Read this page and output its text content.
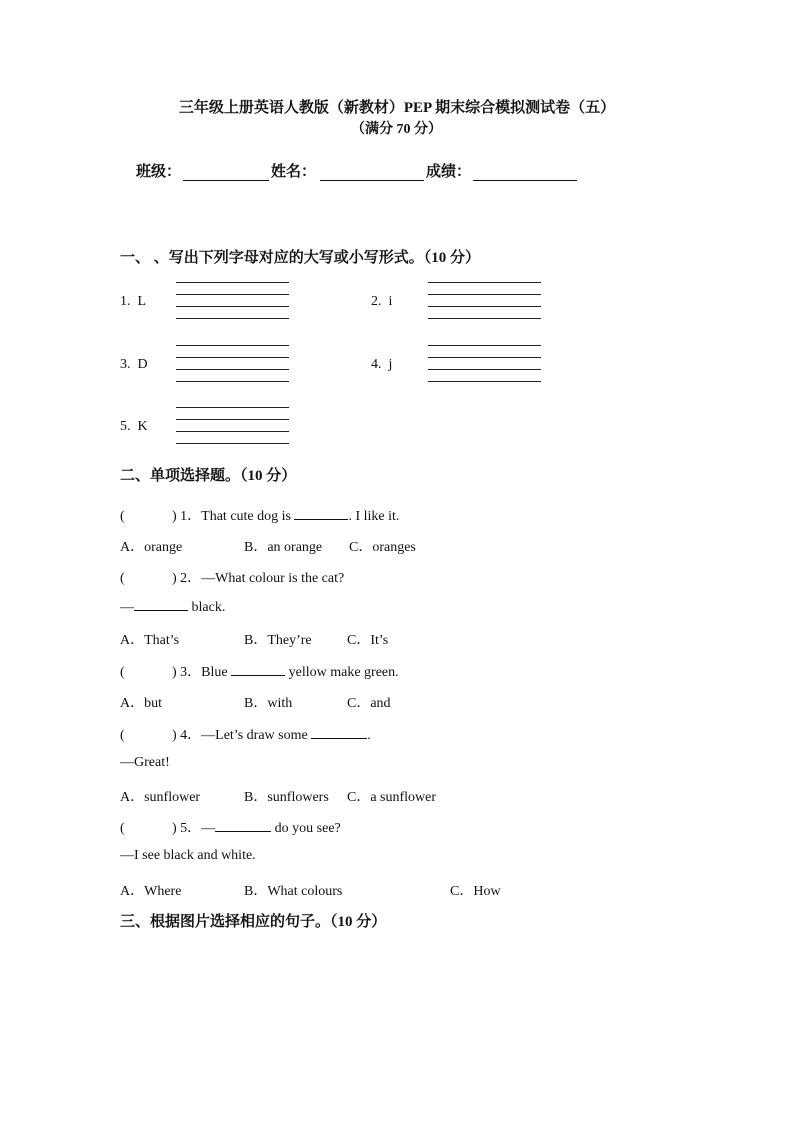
三年级上册英语人教版（新教材）PEP 期末综合模拟测试卷（五）
（满分 70 分）
班级：	姓名：	成绩：
一、 、写出下列字母对应的大写或小写形式。（10 分）
1. L	2. i
3. D	4. j
5. K
二、单项选择题。（10 分）
(	) 1．That cute dog is	. I like it.
A．orange	B．an orange C．oranges
(	) 2．—What colour is the cat?
—	black.
A．That’s	B．They’re	C．It’s
(	) 3．Blue	yellow make green.
A．but	B．with	C．and
(	) 4．—Let’s draw some	.
—Great!
A．sunflower	B．sunflowers C．a sunflower
(	) 5．—	do you see?
—I see black and white.
A．Where	B．What colours	C．How
三、根据图片选择相应的句子。（10 分）
